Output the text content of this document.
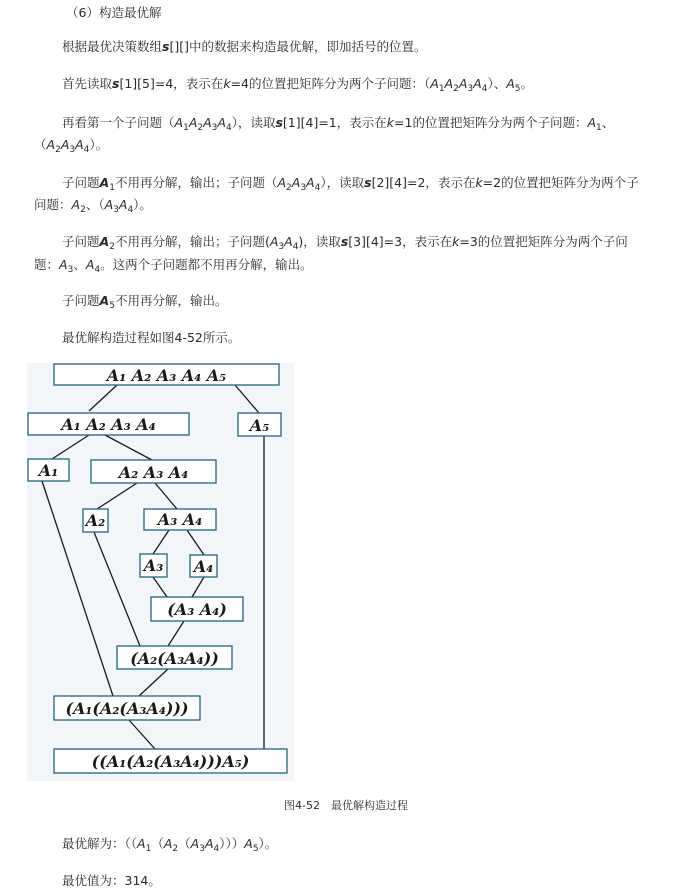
（6）构造最优解
根据最优决策数组s[][]中的数据来构造最优解，即加括号的位置。
首先读取s[1][5]=4，表示在k=4的位置把矩阵分为两个子问题：$(A_1A_2A_3A_4)$、$A_5$。
再看第一个子问题$(A_1A_2A_3A_4)$，读取s[1][4]=1，表示在k=1的位置把矩阵分为两个子问题：$A_1$、
$(A_2A_3A_4)$。
子问题$A_1$不用再分解，输出；子问题$(A_2A_3A_4)$，读取s[2][4]=2，表示在k=2的位置把矩阵分为两个子
问题：$A_2$、$(A_3A_4)$。
子问题$A_2$不用再分解，输出；子问题$(A_3A_4)$，读取s[3][4]=3，表示在k=3的位置把矩阵分为两个子问
题：$A_3$、$A_4$。这两个子问题都不用再分解，输出。
子问题$A_5$不用再分解，输出。
最优解构造过程如图4-52所示。
A₁ A₂ A₃ A₄ A₅
A₁ A₂ A₃ A₄	A₅
A₁	A₂ A₃ A₄
A₂	A₃ A₄
A₃ A₄
(A₃ A₄)
(A₂(A₃A₄))
(A₁(A₂(A₃A₄)))
((A₁(A₂(A₃A₄)))A₅)
图4-52　最优解构造过程
最优解为：$((A_1(A_2(A_3A_4)))A_5)$。
最优值为：314。
